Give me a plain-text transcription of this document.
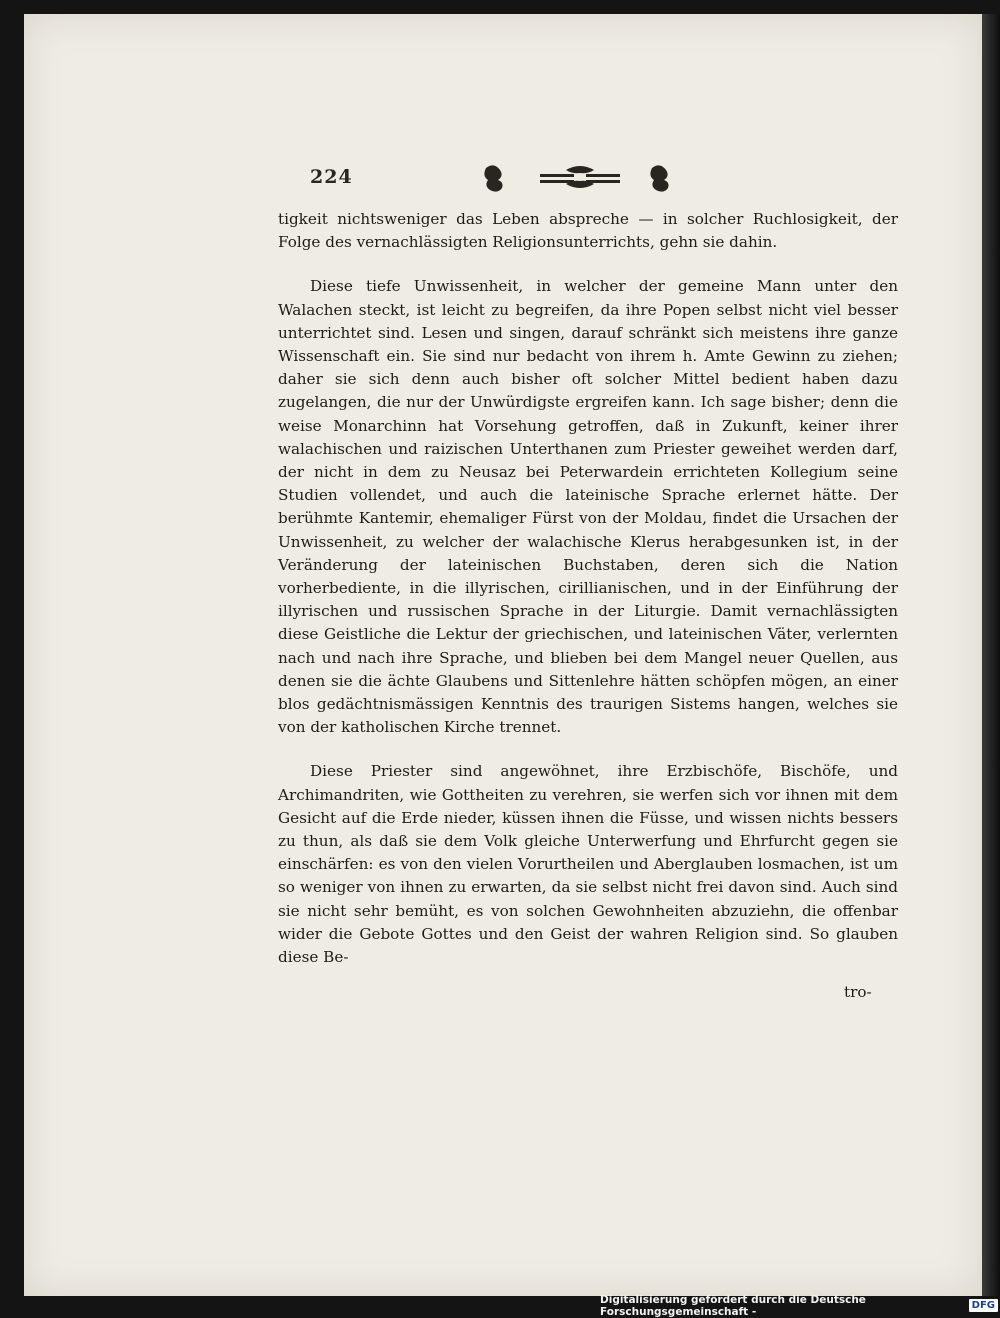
224

tigkeit nichtsweniger das Leben abspreche — in solcher Ruchlosigkeit, der Folge des vernachlässigten Religionsunterrichts, gehn sie dahin.

Diese tiefe Unwissenheit, in welcher der gemeine Mann unter den Walachen steckt, ist leicht zu begreifen, da ihre Popen selbst nicht viel besser unterrichtet sind. Lesen und singen, darauf schränkt sich meistens ihre ganze Wissenschaft ein. Sie sind nur bedacht von ihrem h. Amte Gewinn zu ziehen; daher sie sich denn auch bisher oft solcher Mittel bedient haben dazu zugelangen, die nur der Unwürdigste ergreifen kann. Ich sage bisher; denn die weise Monarchinn hat Vorsehung getroffen, daß in Zukunft, keiner ihrer walachischen und raizischen Unterthanen zum Priester geweihet werden darf, der nicht in dem zu Neusaz bei Peterwardein errichteten Kollegium seine Studien vollendet, und auch die lateinische Sprache erlernet hätte. Der berühmte Kantemir, ehemaliger Fürst von der Moldau, findet die Ursachen der Unwissenheit, zu welcher der walachische Klerus herabgesunken ist, in der Veränderung der lateinischen Buchstaben, deren sich die Nation vorherbediente, in die illyrischen, cirillianischen, und in der Einführung der illyrischen und russischen Sprache in der Liturgie. Damit vernachlässigten diese Geistliche die Lektur der griechischen, und lateinischen Väter, verlernten nach und nach ihre Sprache, und blieben bei dem Mangel neuer Quellen, aus denen sie die ächte Glaubens und Sittenlehre hätten schöpfen mögen, an einer blos gedächtnismässigen Kenntnis des traurigen Sistems hangen, welches sie von der katholischen Kirche trennet.

Diese Priester sind angewöhnet, ihre Erzbischöfe, Bischöfe, und Archimandriten, wie Gottheiten zu verehren, sie werfen sich vor ihnen mit dem Gesicht auf die Erde nieder, küssen ihnen die Füsse, und wissen nichts bessers zu thun, als daß sie dem Volk gleiche Unterwerfung und Ehrfurcht gegen sie einschärfen: es von den vielen Vorurtheilen und Aberglauben losmachen, ist um so weniger von ihnen zu erwarten, da sie selbst nicht frei davon sind. Auch sind sie nicht sehr bemüht, es von solchen Gewohnheiten abzuziehn, die offenbar wider die Gebote Gottes und den Geist der wahren Religion sind. So glauben diese Be-

tro-
Digitalisierung gefördert durch die Deutsche Forschungsgemeinschaft -	DFG
